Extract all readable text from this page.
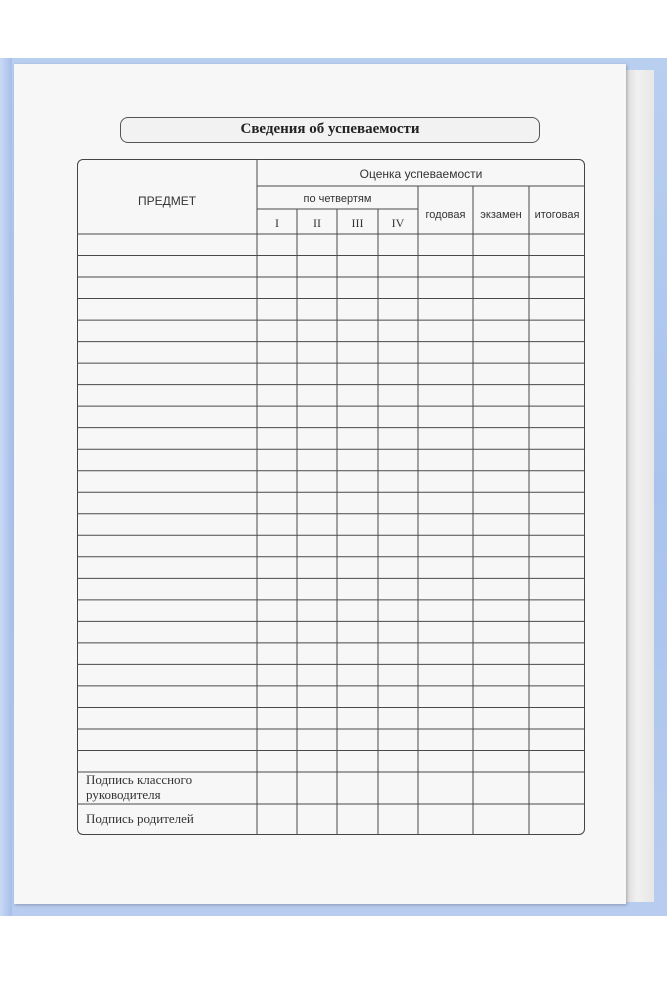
Сведения об успеваемости
ПРЕДМЕТ
Оценка успеваемости
по четвертям
I	II	III IV
годовая экзамен итоговая
Подпись классного
руководителя
Подпись родителей
